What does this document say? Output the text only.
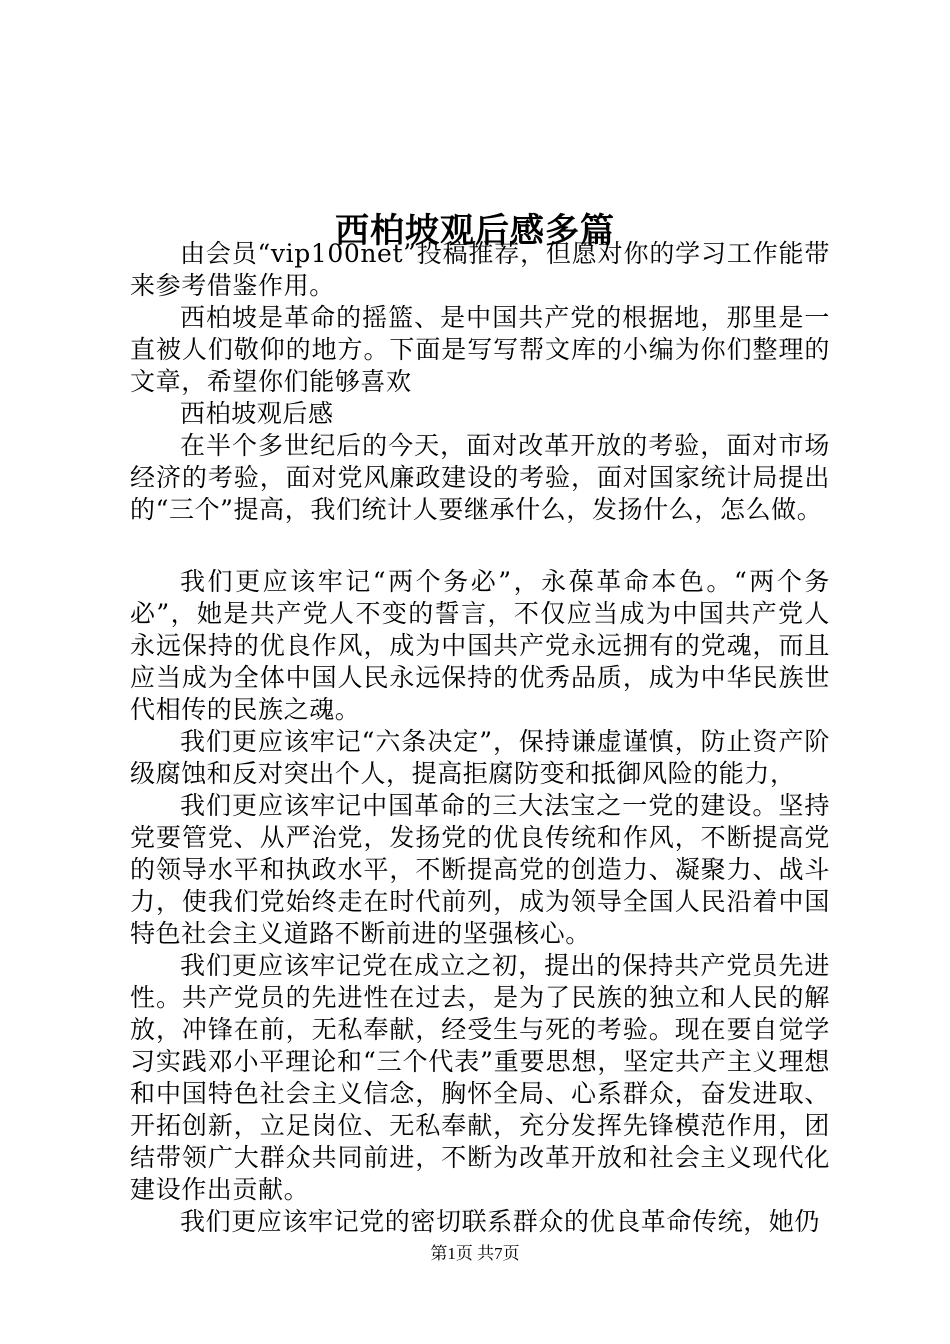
西柏坡观后感多篇

由会员“vip100net”投稿推荐，但愿对你的学习工作能带来参考借鉴作用。

西柏坡是革命的摇篮、是中国共产党的根据地，那里是一直被人们敬仰的地方。下面是写写帮文库的小编为你们整理的文章，希望你们能够喜欢

西柏坡观后感

在半个多世纪后的今天，面对改革开放的考验，面对市场经济的考验，面对党风廉政建设的考验，面对国家统计局提出的“三个”提高，我们统计人要继承什么，发扬什么，怎么做。

我们更应该牢记“两个务必”，永葆革命本色。“两个务必”，她是共产党人不变的誓言，不仅应当成为中国共产党人永远保持的优良作风，成为中国共产党永远拥有的党魂，而且应当成为全体中国人民永远保持的优秀品质，成为中华民族世代相传的民族之魂。

我们更应该牢记“六条决定”，保持谦虚谨慎，防止资产阶级腐蚀和反对突出个人，提高拒腐防变和抵御风险的能力，

我们更应该牢记中国革命的三大法宝之一党的建设。坚持党要管党、从严治党，发扬党的优良传统和作风，不断提高党的领导水平和执政水平，不断提高党的创造力、凝聚力、战斗力，使我们党始终走在时代前列，成为领导全国人民沿着中国特色社会主义道路不断前进的坚强核心。

我们更应该牢记党在成立之初，提出的保持共产党员先进性。共产党员的先进性在过去，是为了民族的独立和人民的解放，冲锋在前，无私奉献，经受生与死的考验。现在要自觉学习实践邓小平理论和“三个代表”重要思想，坚定共产主义理想和中国特色社会主义信念，胸怀全局、心系群众，奋发进取、开拓创新，立足岗位、无私奉献，充分发挥先锋模范作用，团结带领广大群众共同前进，不断为改革开放和社会主义现代化建设作出贡献。

我们更应该牢记党的密切联系群众的优良革命传统，她仍

第1页 共7页
